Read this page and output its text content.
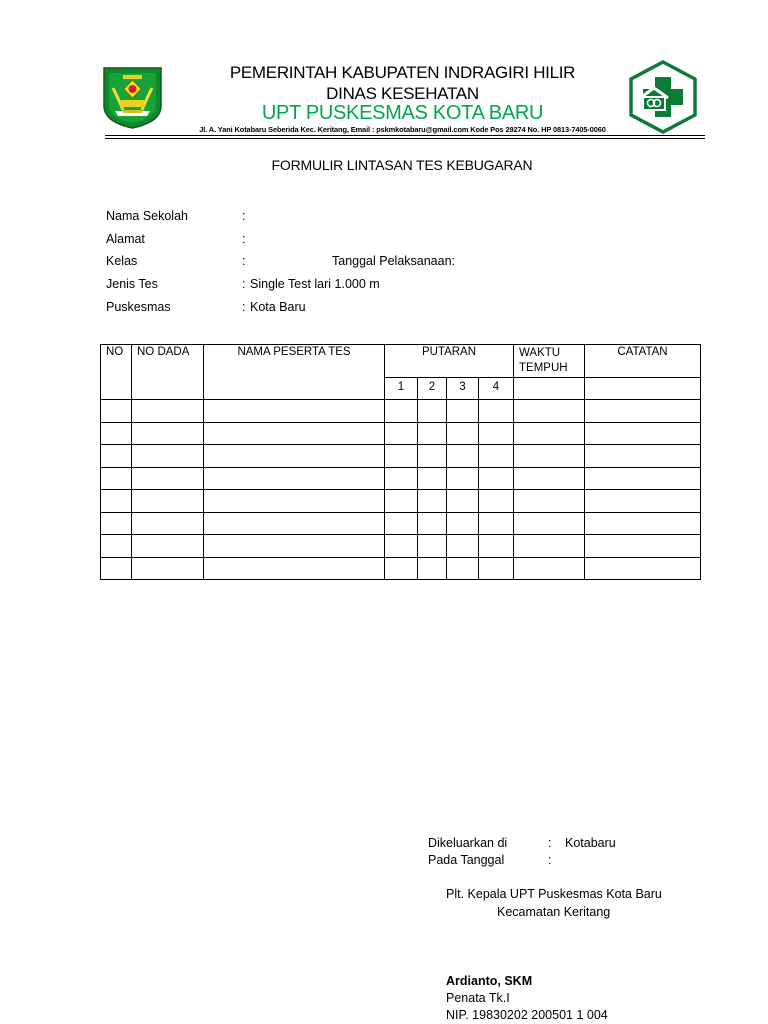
PEMERINTAH KABUPATEN INDRAGIRI HILIR
DINAS KESEHATAN
UPT PUSKESMAS KOTA BARU
Jl. A. Yani Kotabaru Seberida Kec. Keritang, Email : pskmkotabaru@gmail.com Kode Pos 29274 No. HP 0813-7405-0060
FORMULIR LINTASAN TES KEBUGARAN
Nama Sekolah	:
Alamat	:
Kelas	:	Tanggal Pelaksanaan:
Jenis Tes	: Single Test lari 1.000 m
Puskesmas	: Kota Baru
NO	NO DADA	NAMA PESERTA TES	PUTARAN				WAKTU TEMPUH	CATATAN
			1	2	3	4		

Dikeluarkan di	: Kotabaru
Pada Tanggal	:
Plt. Kepala UPT Puskesmas Kota Baru
Kecamatan Keritang
Ardianto, SKM
Penata Tk.I
NIP. 19830202 200501 1 004
